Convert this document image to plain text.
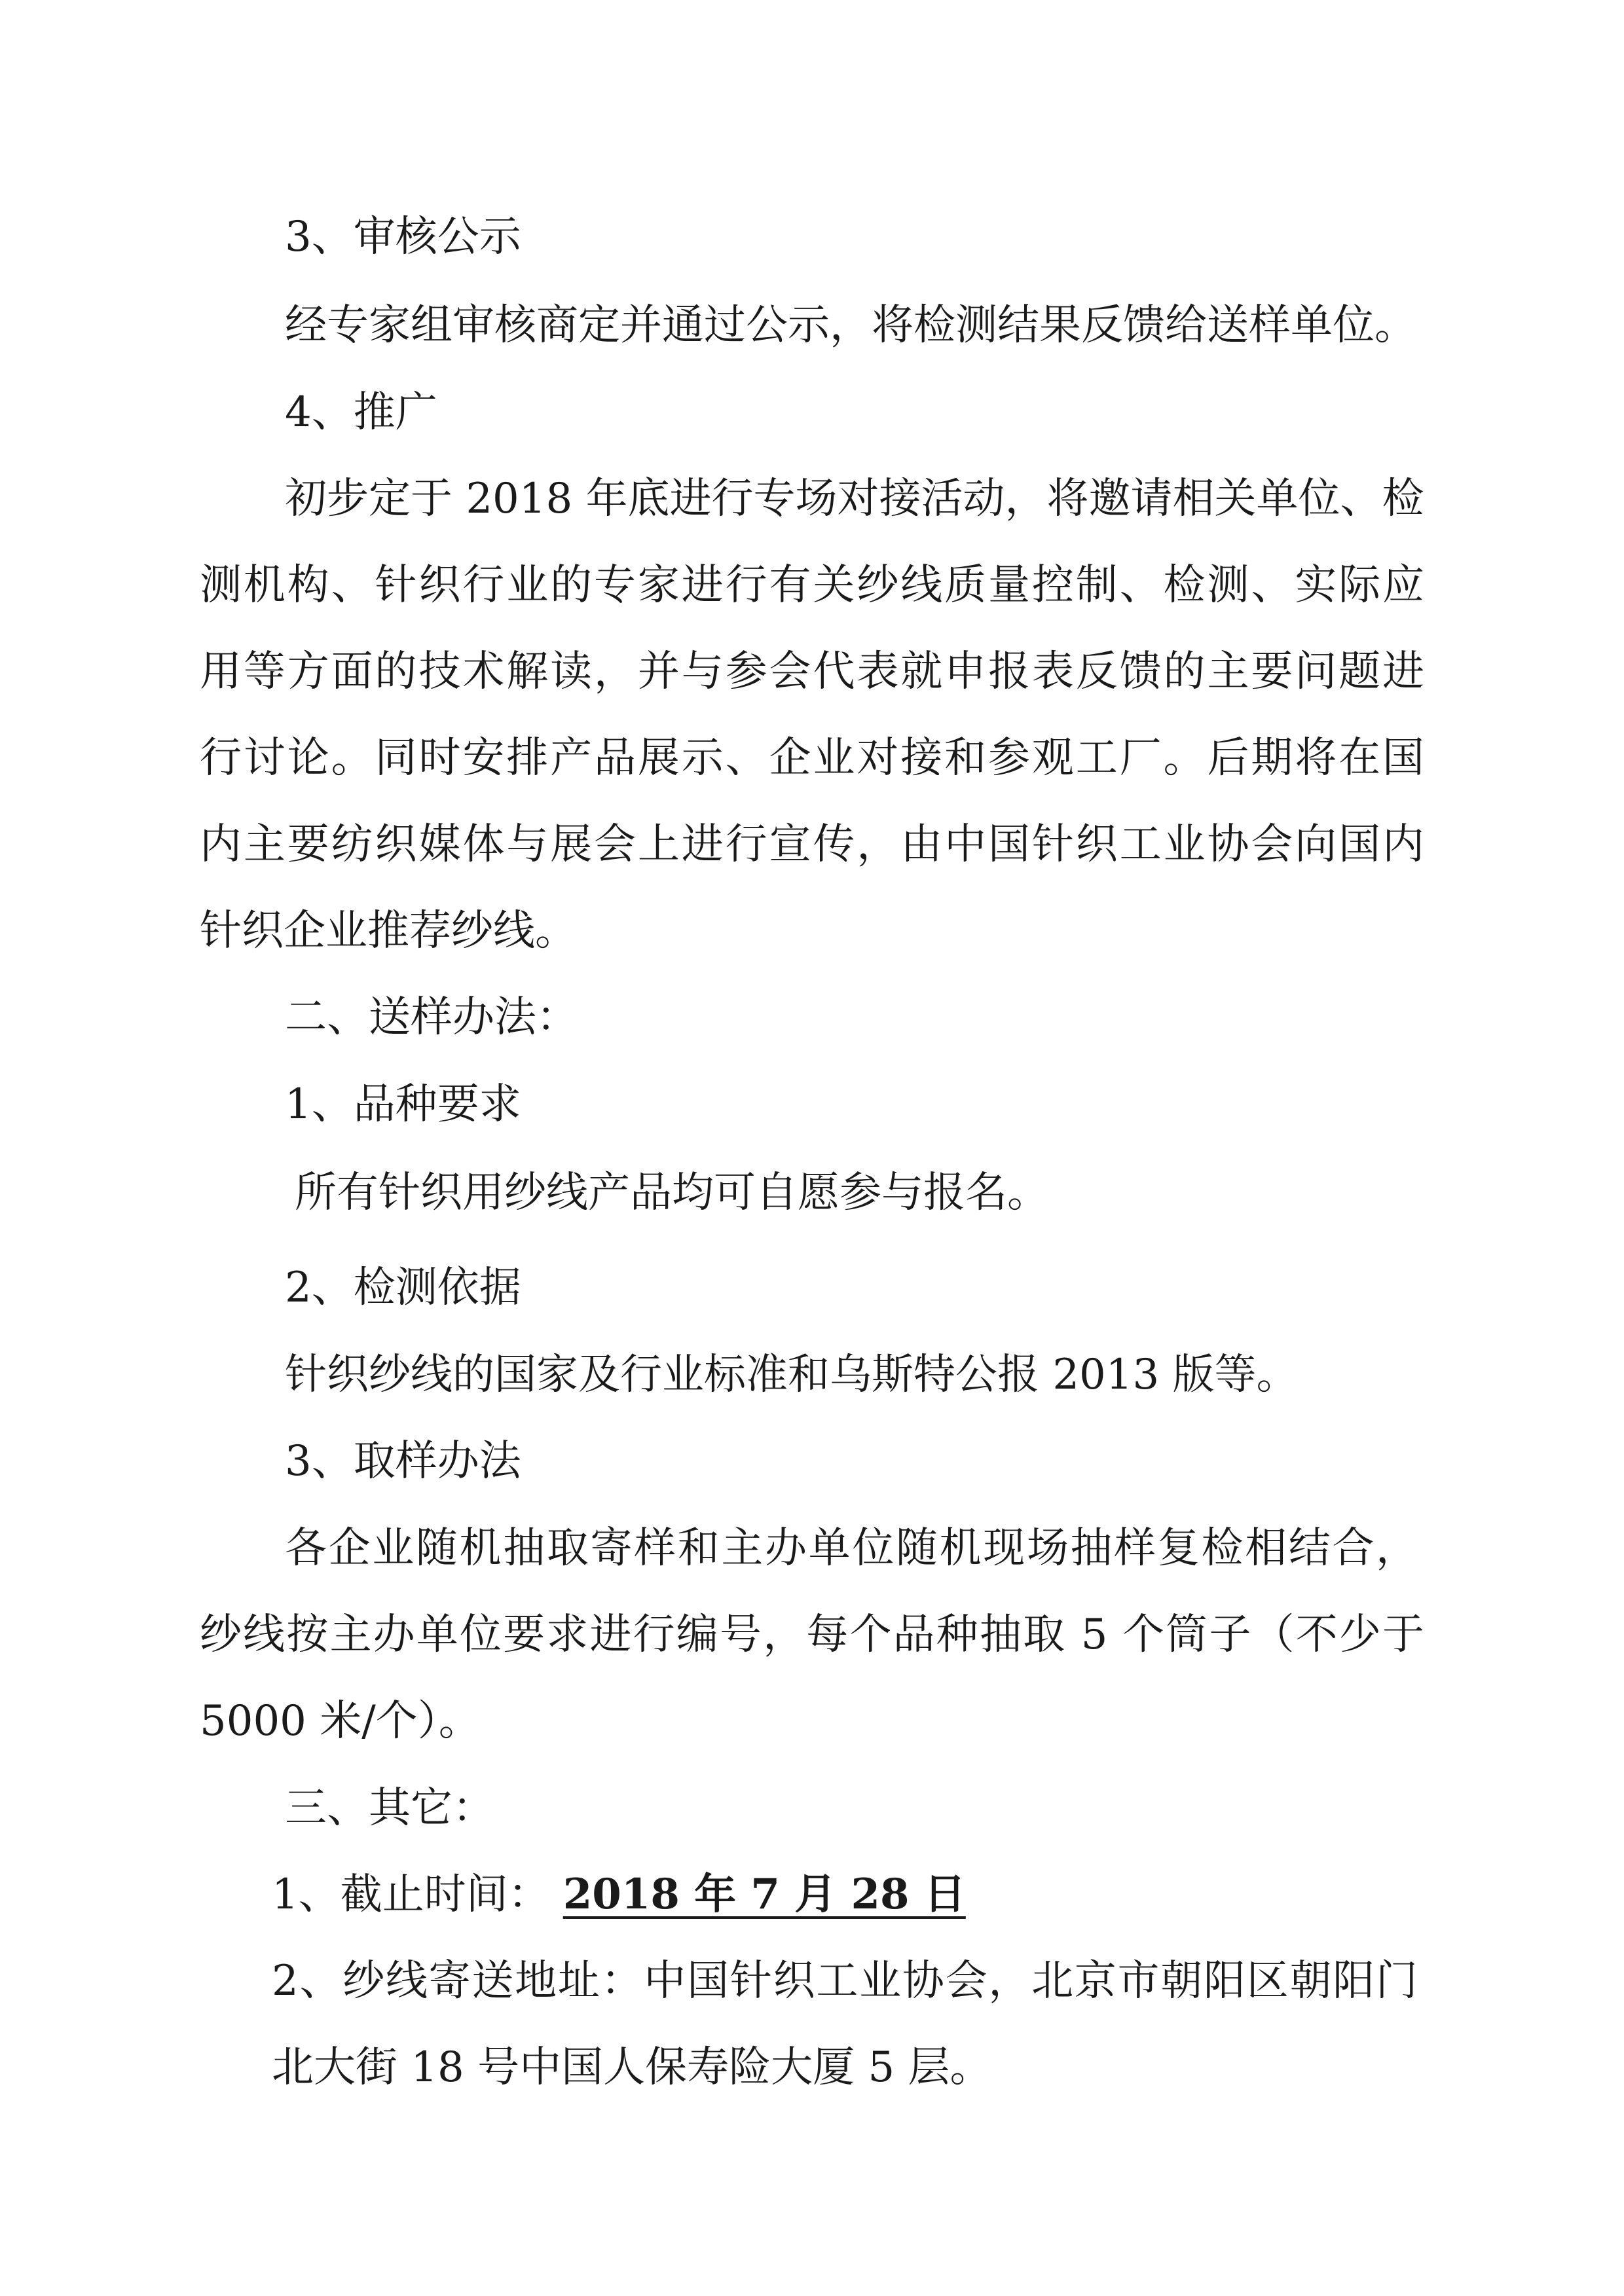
3、审核公示

经专家组审核商定并通过公示，将检测结果反馈给送样单位。

4、推广

初步定于 2018 年底进行专场对接活动，将邀请相关单位、检

测机构、针织行业的专家进行有关纱线质量控制、检测、实际应

用等方面的技术解读，并与参会代表就申报表反馈的主要问题进

行讨论。同时安排产品展示、企业对接和参观工厂。后期将在国

内主要纺织媒体与展会上进行宣传，由中国针织工业协会向国内

针织企业推荐纱线。

二、送样办法：

1、品种要求

所有针织用纱线产品均可自愿参与报名。

2、检测依据

针织纱线的国家及行业标准和乌斯特公报 2013 版等。

3、取样办法

各企业随机抽取寄样和主办单位随机现场抽样复检相结合，

纱线按主办单位要求进行编号，每个品种抽取 5 个筒子（不少于

5000 米/个）。

三、其它：

1、截止时间： 2018 年 7 月 28 日

2、纱线寄送地址：中国针织工业协会，北京市朝阳区朝阳门

北大街 18 号中国人保寿险大厦 5 层。
